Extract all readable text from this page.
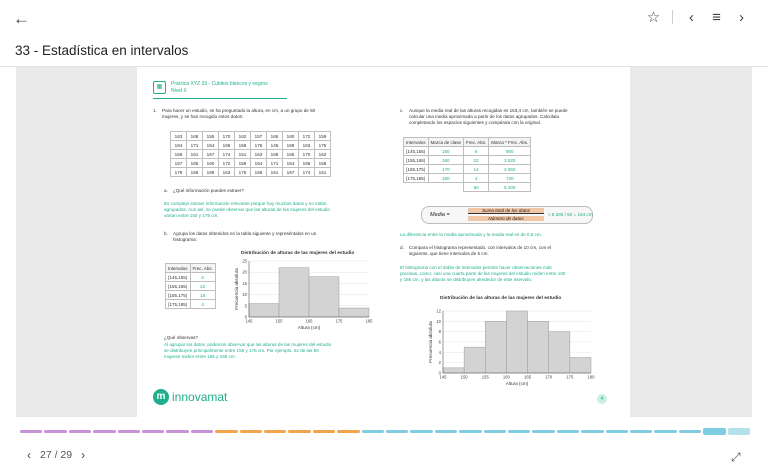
←	☆	‹	≡	›
33 - Estadística en intervalos
▦	Práctica XYZ 33 - Cubitos blancos y negros
Nivel X
1. Para hacer un estudio, se ha preguntado la altura, en cm, a un grupo de 50
mujeres, y se han recogido estos datos:
163	168	155	170	162	157	165	160	172	159
164	171	154	166	158	176	145	169	163	175
156	161	167	174	151	163	168	155	170	162
157	165	160	172	159	164	171	154	166	158
179	156	169	163	175	156	161	167	174	151
a. ¿Qué información puedes extraer?
Es complejo extraer información relevante porque hay muchos datos y no están
agrupados. Aun así, se puede observar que las alturas de las mujeres del estudio
varían entre 150 y 179 cm.
b. Agrupa los datos obtenidos en la tabla siguiente y represéntalos en un
histograma:
Distribución de alturas de las mujeres del estudio
Intervalos	Frec. Abs.
[145,155)	6
[155,165)	22
[165,175)	18
[175,185)	4
0
5
10
15
20
25
145	155	165	175	185
Altura (cm)
Frecuencia absoluta
¿Qué observas?
Al agrupar los datos, podemos observar que las alturas de las mujeres del estudio
se distribuyen principalmente entre 155 y 175 cm. Por ejemplo, 22 de las 50
mujeres miden entre 155 y 165 cm.
c. Aunque la media real de las alturas recogidas es 163,4 cm, también se puede
calcular una media aproximada a partir de los datos agrupados. Calcúlala
completando los espacios siguientes y compárala con la original.
Intervalos	Marca de clase	Frec. Abs.	Marca * Frec. Abs.
[145,155)	150	6	900
[155,165)	160	22	3 520
[165,175)	170	14	2 060
[175,185)	180	4	720
		50	8 200
Media =
Suma total de los datos
Número de datos
≈ 8 200 / 50 = 164 cm
La diferencia entre la media aproximada y la media real es de 0,6 cm.
d. Compara el histograma representado, con intervalos de 10 cm, con el
siguiente, que tiene intervalos de 5 cm.
El histograma con el doble de intervalos permite hacer observaciones más
precisas, como: casi una cuarta parte de las mujeres del estudio miden entre 160
y 165 cm, y las alturas se distribuyen alrededor de este intervalo.
Distribución de las alturas de las mujeres del estudio
0
2
4
6
8
10
12
145	150	155	160	165	170	175	180
Altura (cm)
Frecuencia absoluta
m innovamat	4
‹ 27 / 29 ›	⤢
